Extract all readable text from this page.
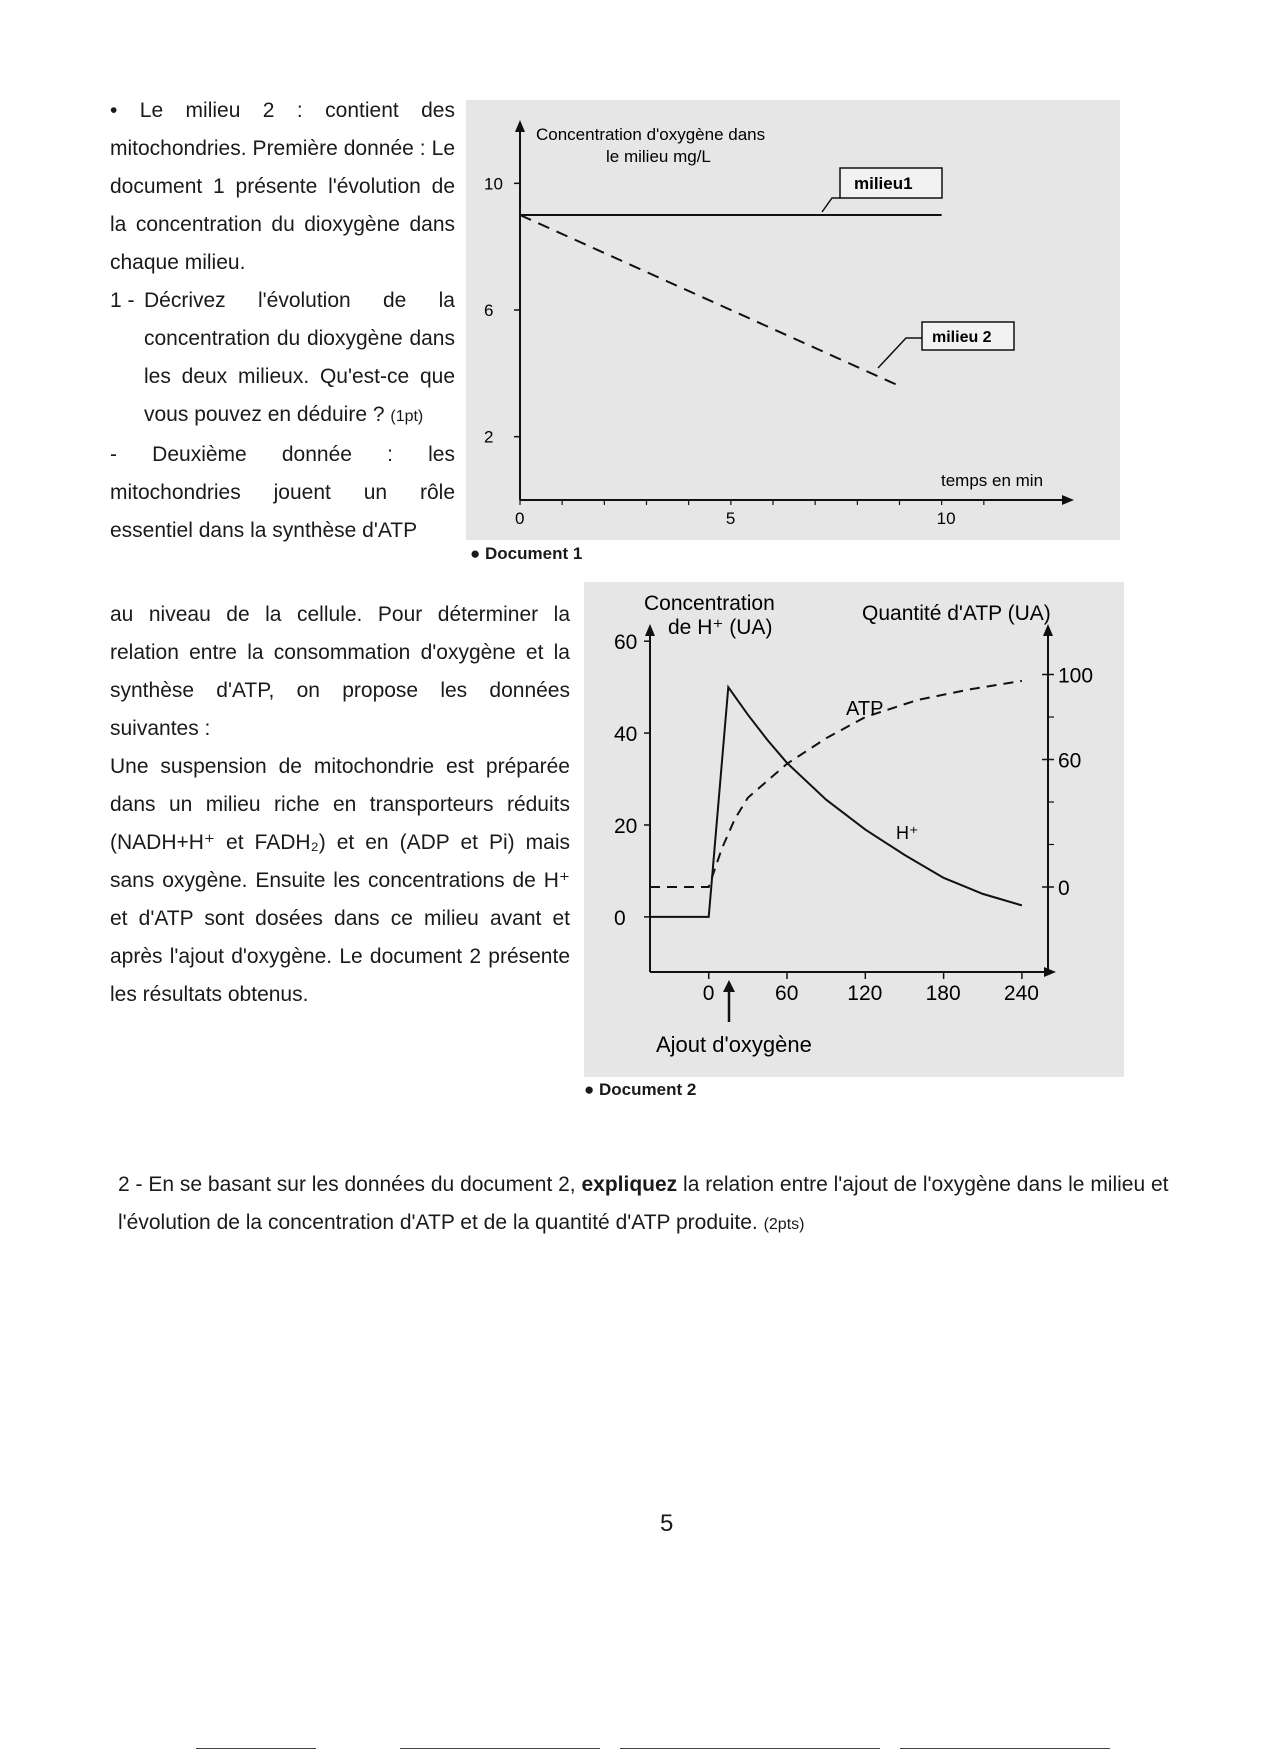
• Le milieu 2 : contient des mitochondries. Première donnée : Le document 1 présente l'évolution de la concentration du dioxygène dans chaque milieu.

1 - Décrivez l'évolution de la concentration du dioxygène dans les deux milieux. Qu'est-ce que vous pouvez en déduire ? (1pt)

- Deuxième donnée : les mitochondries jouent un rôle essentiel dans la synthèse d'ATP

au niveau de la cellule. Pour déterminer la relation entre la consommation d'oxygène et la synthèse d'ATP, on propose les données suivantes :

Une suspension de mitochondrie est préparée dans un milieu riche en transporteurs réduits (NADH+H⁺ et FADH₂) et en (ADP et Pi) mais sans oxygène. Ensuite les concentrations de H⁺ et d'ATP sont dosées dans ce milieu avant et après l'ajout d'oxygène. Le document 2 présente les résultats obtenus.

10
6
2
0	5	10
Concentration d'oxygène dans
le milieu mg/L
temps en min
milieu1
milieu 2
● Document 1
60
40
20
0
100
60
0
0	60 120 180 240
Concentration
de H⁺ (UA)
Quantité d'ATP (UA)
ATP
H⁺
Ajout d'oxygène
● Document 2
2 - En se basant sur les données du document 2, expliquez la relation entre l'ajout de l'oxygène dans le milieu et l'évolution de la concentration d'ATP et de la quantité d'ATP produite. (2pts)
5
